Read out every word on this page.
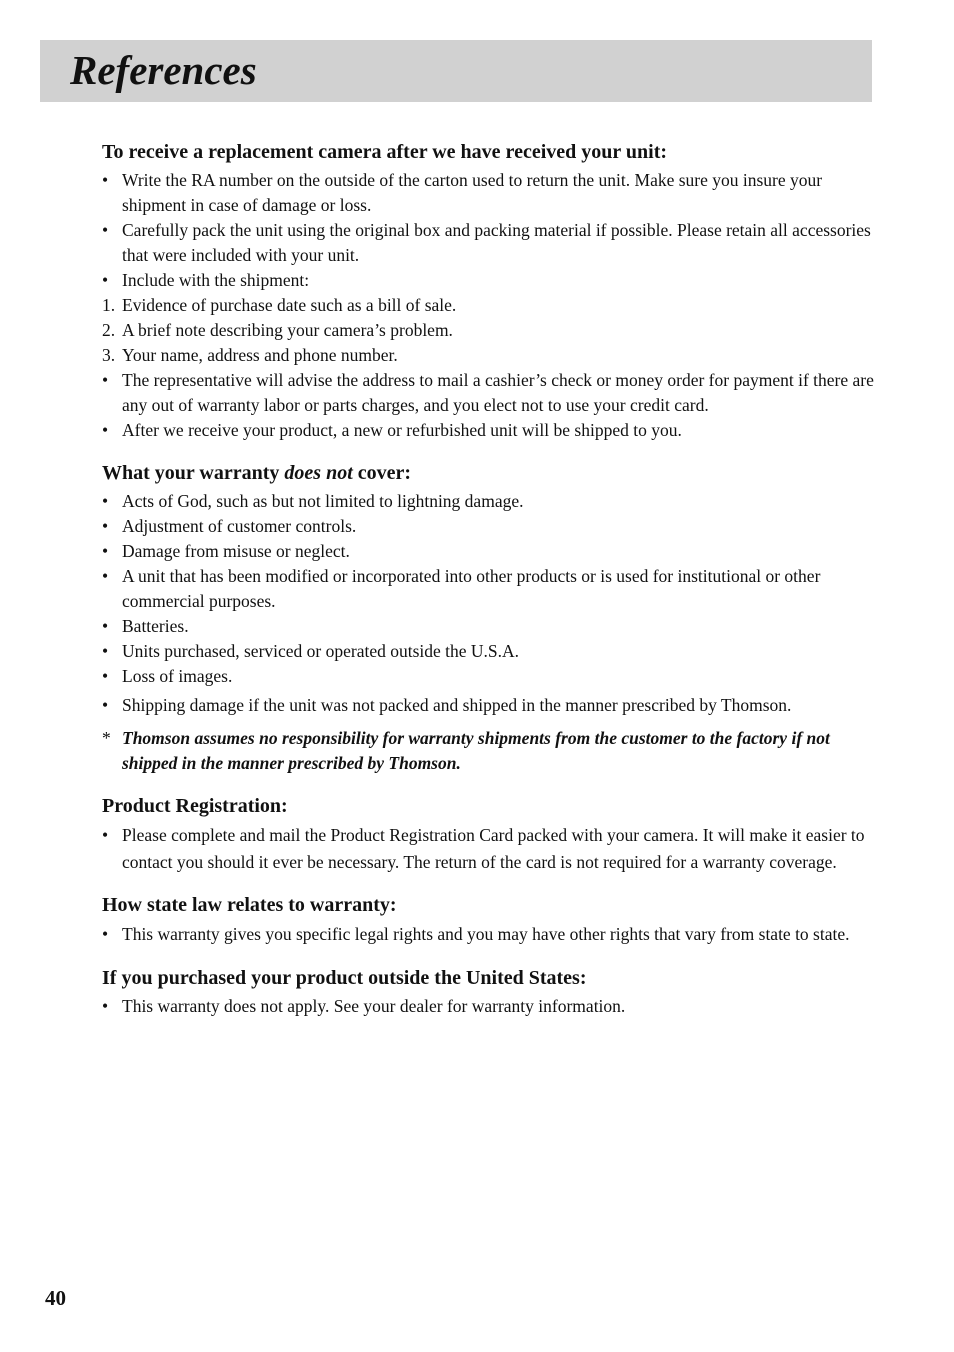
References
To receive a replacement camera after we have received your unit:
• Write the RA number on the outside of the carton used to return the unit. Make sure you insure your shipment in case of damage or loss.
• Carefully pack the unit using the original box and packing material if possible. Please retain all accessories that were included with your unit.
• Include with the shipment:
1. Evidence of purchase date such as a bill of sale.
2. A brief note describing your camera’s problem.
3. Your name, address and phone number.
• The representative will advise the address to mail a cashier’s check or money order for payment if there are any out of warranty labor or parts charges, and you elect not to use your credit card.
• After we receive your product, a new or refurbished unit will be shipped to you.
What your warranty does not cover:
• Acts of God, such as but not limited to lightning damage.
• Adjustment of customer controls.
• Damage from misuse or neglect.
• A unit that has been modified or incorporated into other products or is used for institutional or other commercial purposes.
• Batteries.
• Units purchased, serviced or operated outside the U.S.A.
• Loss of images.
• Shipping damage if the unit was not packed and shipped in the manner prescribed by Thomson.
* Thomson assumes no responsibility for warranty shipments from the customer to the factory if not shipped in the manner prescribed by Thomson.
Product Registration:
• Please complete and mail the Product Registration Card packed with your camera. It will make it easier to contact you should it ever be necessary. The return of the card is not required for a warranty coverage.
How state law relates to warranty:
• This warranty gives you specific legal rights and you may have other rights that vary from state to state.
If you purchased your product outside the United States:
• This warranty does not apply. See your dealer for warranty information.
40
